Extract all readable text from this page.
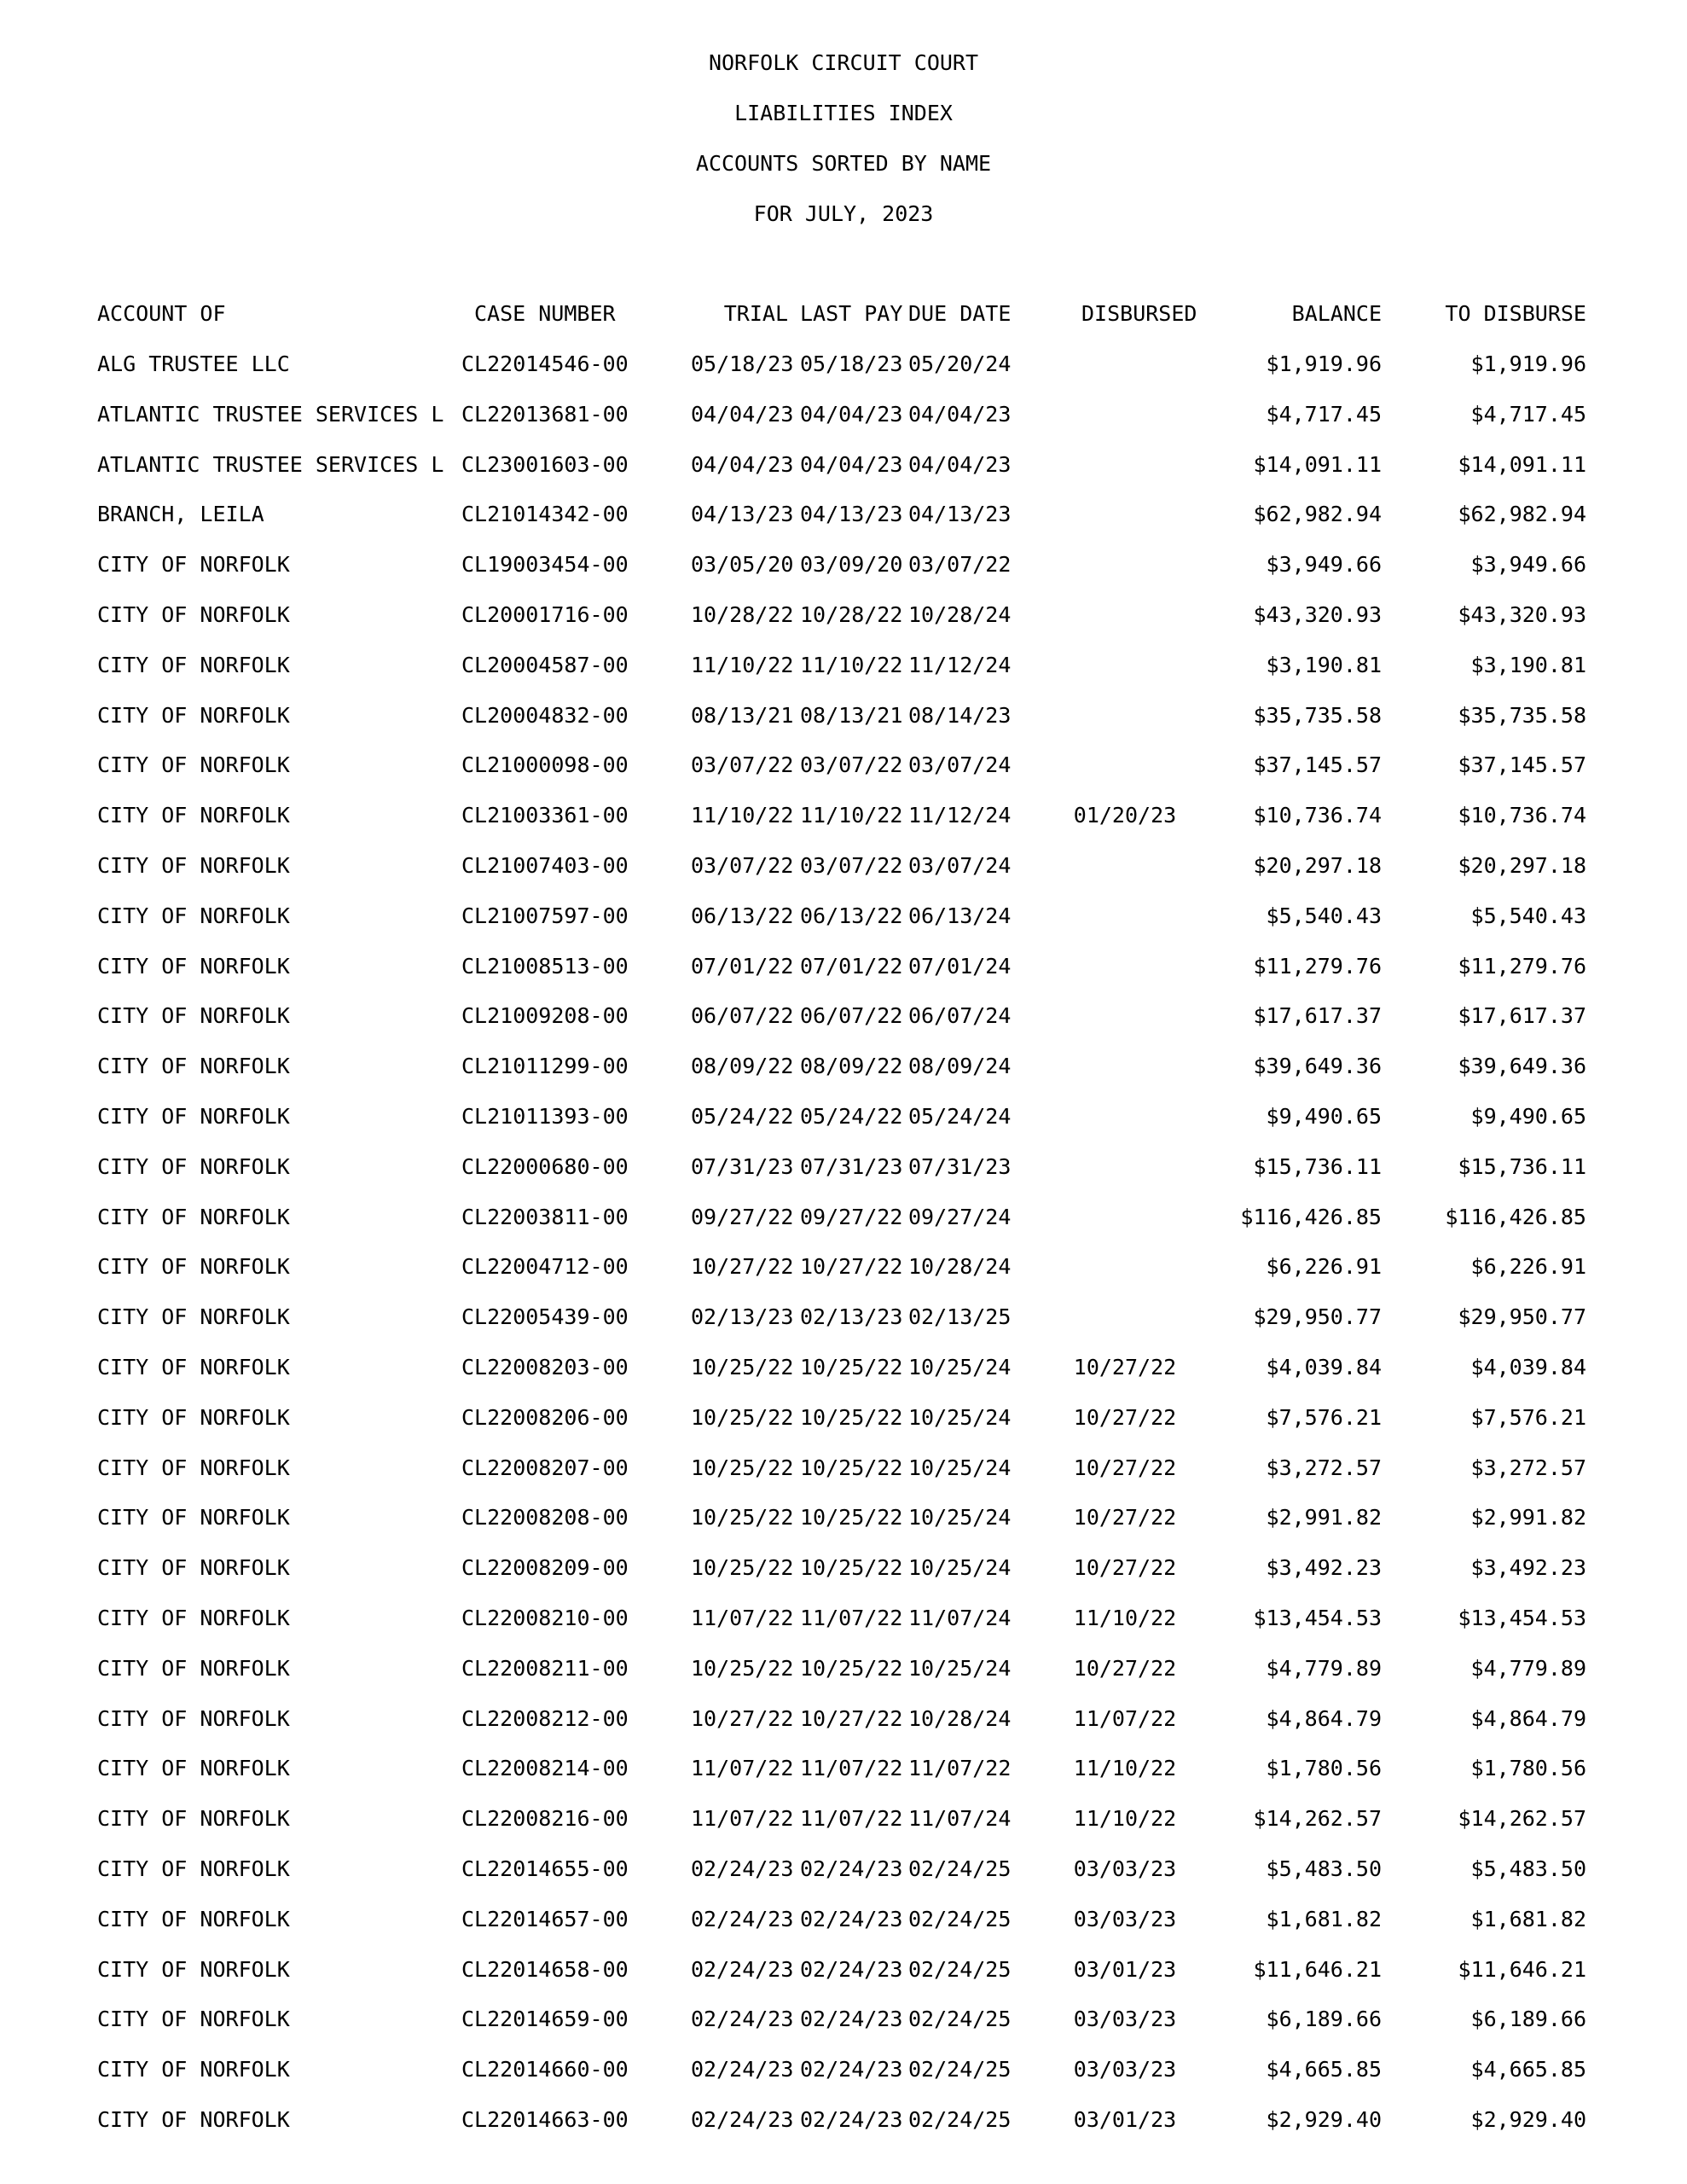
NORFOLK CIRCUIT COURT
LIABILITIES INDEX
ACCOUNTS SORTED BY NAME
FOR JULY, 2023
ACCOUNT OF	CASE NUMBER	TRIAL LAST PAY DUE DATE	DISBURSED	BALANCE	TO DISBURSE
ALG TRUSTEE LLC	CL22014546-00	05/18/23 05/18/23 05/20/24	$1,919.96	$1,919.96
ATLANTIC TRUSTEE SERVICES L CL22013681-00	04/04/23 04/04/23 04/04/23	$4,717.45	$4,717.45
ATLANTIC TRUSTEE SERVICES L CL23001603-00	04/04/23 04/04/23 04/04/23	$14,091.11	$14,091.11
BRANCH, LEILA	CL21014342-00	04/13/23 04/13/23 04/13/23	$62,982.94	$62,982.94
CITY OF NORFOLK	CL19003454-00	03/05/20 03/09/20 03/07/22	$3,949.66	$3,949.66
CITY OF NORFOLK	CL20001716-00	10/28/22 10/28/22 10/28/24	$43,320.93	$43,320.93
CITY OF NORFOLK	CL20004587-00	11/10/22 11/10/22 11/12/24	$3,190.81	$3,190.81
CITY OF NORFOLK	CL20004832-00	08/13/21 08/13/21 08/14/23	$35,735.58	$35,735.58
CITY OF NORFOLK	CL21000098-00	03/07/22 03/07/22 03/07/24	$37,145.57	$37,145.57
CITY OF NORFOLK	CL21003361-00	11/10/22 11/10/22 11/12/24	01/20/23	$10,736.74	$10,736.74
CITY OF NORFOLK	CL21007403-00	03/07/22 03/07/22 03/07/24	$20,297.18	$20,297.18
CITY OF NORFOLK	CL21007597-00	06/13/22 06/13/22 06/13/24	$5,540.43	$5,540.43
CITY OF NORFOLK	CL21008513-00	07/01/22 07/01/22 07/01/24	$11,279.76	$11,279.76
CITY OF NORFOLK	CL21009208-00	06/07/22 06/07/22 06/07/24	$17,617.37	$17,617.37
CITY OF NORFOLK	CL21011299-00	08/09/22 08/09/22 08/09/24	$39,649.36	$39,649.36
CITY OF NORFOLK	CL21011393-00	05/24/22 05/24/22 05/24/24	$9,490.65	$9,490.65
CITY OF NORFOLK	CL22000680-00	07/31/23 07/31/23 07/31/23	$15,736.11	$15,736.11
CITY OF NORFOLK	CL22003811-00	09/27/22 09/27/22 09/27/24	$116,426.85	$116,426.85
CITY OF NORFOLK	CL22004712-00	10/27/22 10/27/22 10/28/24	$6,226.91	$6,226.91
CITY OF NORFOLK	CL22005439-00	02/13/23 02/13/23 02/13/25	$29,950.77	$29,950.77
CITY OF NORFOLK	CL22008203-00	10/25/22 10/25/22 10/25/24	10/27/22	$4,039.84	$4,039.84
CITY OF NORFOLK	CL22008206-00	10/25/22 10/25/22 10/25/24	10/27/22	$7,576.21	$7,576.21
CITY OF NORFOLK	CL22008207-00	10/25/22 10/25/22 10/25/24	10/27/22	$3,272.57	$3,272.57
CITY OF NORFOLK	CL22008208-00	10/25/22 10/25/22 10/25/24	10/27/22	$2,991.82	$2,991.82
CITY OF NORFOLK	CL22008209-00	10/25/22 10/25/22 10/25/24	10/27/22	$3,492.23	$3,492.23
CITY OF NORFOLK	CL22008210-00	11/07/22 11/07/22 11/07/24	11/10/22	$13,454.53	$13,454.53
CITY OF NORFOLK	CL22008211-00	10/25/22 10/25/22 10/25/24	10/27/22	$4,779.89	$4,779.89
CITY OF NORFOLK	CL22008212-00	10/27/22 10/27/22 10/28/24	11/07/22	$4,864.79	$4,864.79
CITY OF NORFOLK	CL22008214-00	11/07/22 11/07/22 11/07/22	11/10/22	$1,780.56	$1,780.56
CITY OF NORFOLK	CL22008216-00	11/07/22 11/07/22 11/07/24	11/10/22	$14,262.57	$14,262.57
CITY OF NORFOLK	CL22014655-00	02/24/23 02/24/23 02/24/25	03/03/23	$5,483.50	$5,483.50
CITY OF NORFOLK	CL22014657-00	02/24/23 02/24/23 02/24/25	03/03/23	$1,681.82	$1,681.82
CITY OF NORFOLK	CL22014658-00	02/24/23 02/24/23 02/24/25	03/01/23	$11,646.21	$11,646.21
CITY OF NORFOLK	CL22014659-00	02/24/23 02/24/23 02/24/25	03/03/23	$6,189.66	$6,189.66
CITY OF NORFOLK	CL22014660-00	02/24/23 02/24/23 02/24/25	03/03/23	$4,665.85	$4,665.85
CITY OF NORFOLK	CL22014663-00	02/24/23 02/24/23 02/24/25	03/01/23	$2,929.40	$2,929.40
